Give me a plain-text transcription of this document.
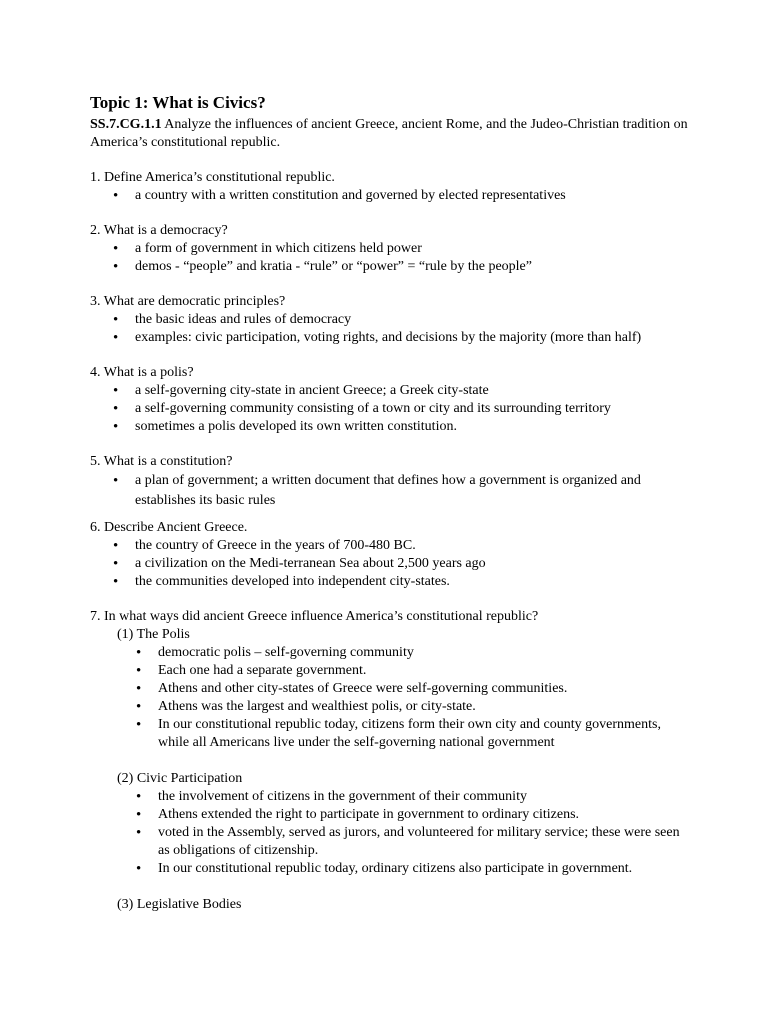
Topic 1: What is Civics?

SS.7.CG.1.1 Analyze the influences of ancient Greece, ancient Rome, and the Judeo-Christian tradition on America’s constitutional republic.

1. Define America’s constitutional republic.

• a country with a written constitution and governed by elected representatives

2. What is a democracy?

• a form of government in which citizens held power
• demos - “people” and kratia - “rule” or “power” = “rule by the people”

3. What are democratic principles?

• the basic ideas and rules of democracy
• examples: civic participation, voting rights, and decisions by the majority (more than half)

4. What is a polis?

• a self-governing city-state in ancient Greece; a Greek city-state
• a self-governing community consisting of a town or city and its surrounding territory
• sometimes a polis developed its own written constitution.

5. What is a constitution?

• a plan of government; a written document that defines how a government is organized and establishes its basic rules

6. Describe Ancient Greece.

• the country of Greece in the years of 700-480 BC.
• a civilization on the Medi-terranean Sea about 2,500 years ago
• the communities developed into independent city-states.

7. In what ways did ancient Greece influence America’s constitutional republic?

(1) The Polis

• democratic polis – self-governing community
• Each one had a separate government.
• Athens and other city-states of Greece were self-governing communities.
• Athens was the largest and wealthiest polis, or city-state.
• In our constitutional republic today, citizens form their own city and county governments, while all Americans live under the self-governing national government

(2) Civic Participation

• the involvement of citizens in the government of their community
• Athens extended the right to participate in government to ordinary citizens.
• voted in the Assembly, served as jurors, and volunteered for military service; these were seen as obligations of citizenship.
• In our constitutional republic today, ordinary citizens also participate in government.

(3) Legislative Bodies
